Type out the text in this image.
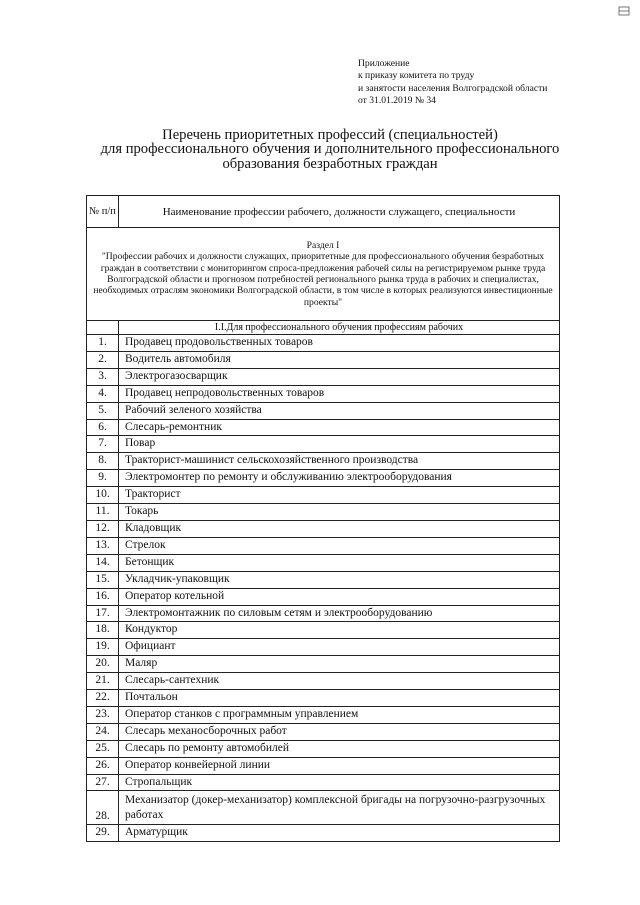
Приложение
к приказу комитета по труду
и занятости населения Волгоградской области
от 31.01.2019 № 34
Перечень приоритетных профессий (специальностей)
для профессионального обучения и дополнительного профессионального
образования безработных граждан
№ п/п	Наименование профессии рабочего, должности служащего, специальности

Раздел I
"Профессии рабочих и должности служащих, приоритетные для профессионального обучения безработных граждан в соответствии с мониторингом спроса-предложения рабочей силы на регистрируемом рынке труда Волгоградской области и прогнозом потребностей регионального рынка труда в рабочих и специалистах, необходимых отраслям экономики Волгоградской области, в том числе в которых реализуются инвестиционные проекты"	

	I.I.Для профессионального обучения профессиям рабочих
1.	Продавец продовольственных товаров
2.	Водитель автомобиля
3.	Электрогазосварщик
4.	Продавец непродовольственных товаров
5.	Рабочий зеленого хозяйства
6.	Слесарь-ремонтник
7.	Повар
8.	Тракторист-машинист сельскохозяйственного производства
9.	Электромонтер по ремонту и обслуживанию электрооборудования
10.	Тракторист
11.	Токарь
12.	Кладовщик
13.	Стрелок
14.	Бетонщик
15.	Укладчик-упаковщик
16.	Оператор котельной
17.	Электромонтажник по силовым сетям и электрооборудованию
18.	Кондуктор
19.	Официант
20.	Маляр
21.	Слесарь-сантехник
22.	Почтальон
23.	Оператор станков с программным управлением
24.	Слесарь механосборочных работ
25.	Слесарь по ремонту автомобилей
26.	Оператор конвейерной линии
27.	Стропальщик
28.	Механизатор (докер-механизатор) комплексной бригады на погрузочно-разгрузочных работах
29.	Арматурщик
